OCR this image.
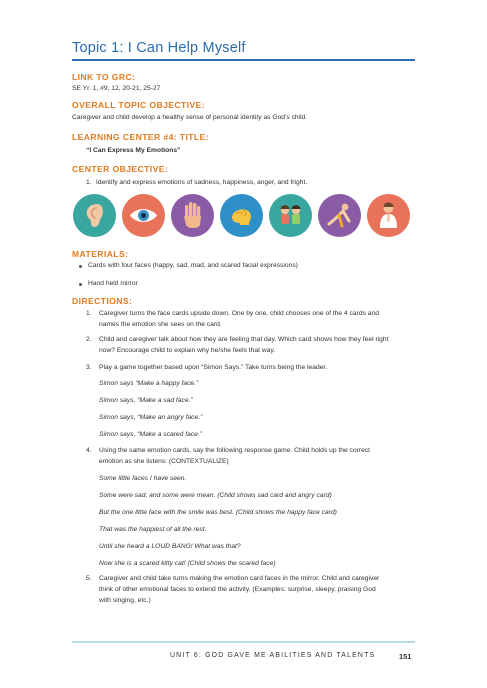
Topic 1: I Can Help Myself
LINK TO GRC:
SE Yr. 1, #9, 12, 20-21, 25-27
OVERALL TOPIC OBJECTIVE:
Caregiver and child develop a healthy sense of personal identity as God’s child.
LEARNING CENTER #4: TITLE:
“I Can Express My Emotions”
CENTER OBJECTIVE:
1. Identify and express emotions of sadness, happiness, anger, and fright.
MATERIALS:
Cards with four faces (happy, sad, mad, and scared facial expressions)
Hand held mirror
DIRECTIONS:
1. Caregiver turns the face cards upside down. One by one, child chooses one of the 4 cards and
names the emotion she sees on the card.
2. Child and caregiver talk about how they are feeling that day. Which card shows how they feel right
now? Encourage child to explain why he/she feels that way.
3. Play a game together based upon “Simon Says.” Take turns being the leader.
Simon says “Make a happy face.”
Simon says, “Make a sad face.”
Simon says, “Make an angry face.”
Simon says, “Make a scared face.”
4. Using the same emotion cards, say the following response game. Child holds up the correct
emotion as she listens: (CONTEXTUALIZE)
Some little faces I have seen.
Some were sad, and some were mean. (Child shows sad card and angry card)
But the one little face with the smile was best. (Child shows the happy face card)
That was the happiest of all the rest.
Until she heard a LOUD BANG! What was that?
Now she is a scared kitty cat! (Child shows the scared face)
5. Caregiver and child take turns making the emotion card faces in the mirror. Child and caregiver
think of other emotional faces to extend the activity. (Examples: surprise, sleepy, praising God
with singing, etc.)
UNIT 6: GOD GAVE ME ABILITIES AND TALENTS	151
